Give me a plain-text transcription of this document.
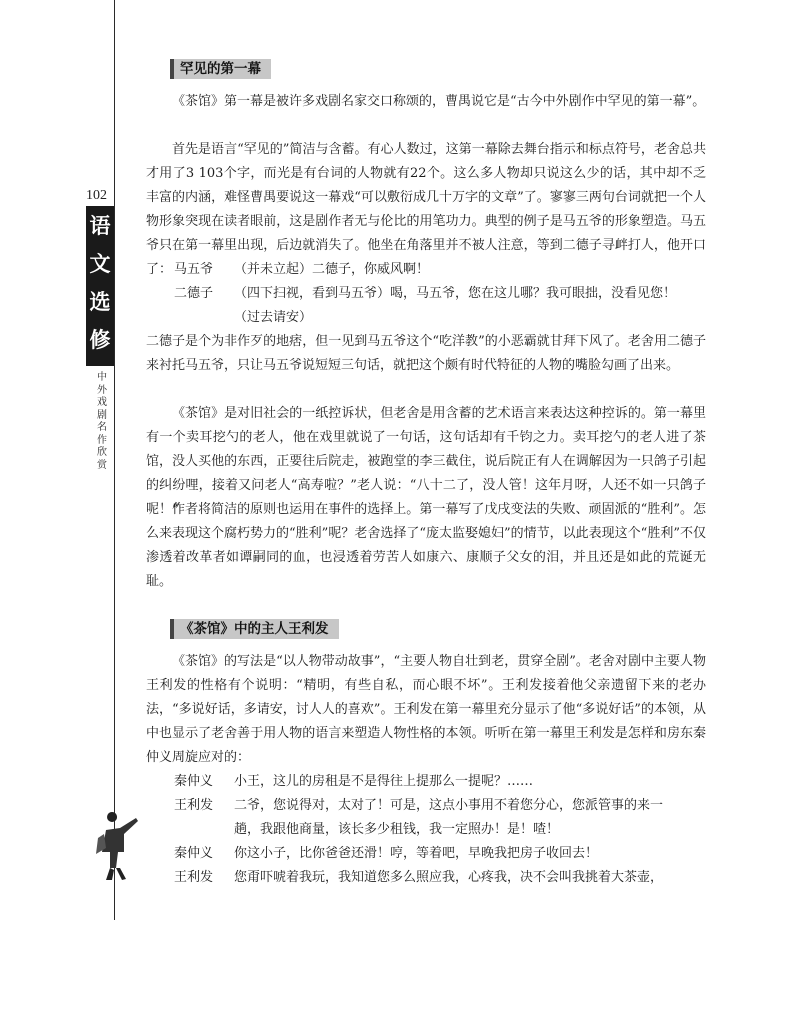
102
语
文
选
修
中
外
戏
剧
名
作
欣
赏
罕见的第一幕

《茶馆》第一幕是被许多戏剧名家交口称颂的，曹禺说它是“古今中外剧作中罕见的第一幕”。

首先是语言“罕见的”简洁与含蓄。有心人数过，这第一幕除去舞台指示和标点符号，老舍总共才用了3 103个字，而光是有台词的人物就有22个。这么多人物却只说这么少的话，其中却不乏丰富的内涵，难怪曹禺要说这一幕戏“可以敷衍成几十万字的文章”了。寥寥三两句台词就把一个人物形象突现在读者眼前，这是剧作者无与伦比的用笔功力。典型的例子是马五爷的形象塑造。马五爷只在第一幕里出现，后边就消失了。他坐在角落里并不被人注意，等到二德子寻衅打人，他开口了： 马五爷 （并未立起）二德子，你威风啊！
二德子 （四下扫视，看到马五爷）喝，马五爷，您在这儿哪？我可眼拙，没看见您！
（过去请安）

二德子是个为非作歹的地痞，但一见到马五爷这个“吃洋教”的小恶霸就甘拜下风了。老舍用二德子来衬托马五爷，只让马五爷说短短三句话，就把这个颇有时代特征的人物的嘴脸勾画了出来。

《茶馆》是对旧社会的一纸控诉状，但老舍是用含蓄的艺术语言来表达这种控诉的。第一幕里有一个卖耳挖勺的老人，他在戏里就说了一句话，这句话却有千钧之力。卖耳挖勺的老人进了茶馆，没人买他的东西，正要往后院走，被跑堂的李三截住，说后院正有人在调解因为一只鸽子引起的纠纷哩，接着又问老人“高寿啦？”老人说：“八十二了，没人管！这年月呀，人还不如一只鸽子呢！”

作者将简洁的原则也运用在事件的选择上。第一幕写了戊戌变法的失败、顽固派的“胜利”。怎么来表现这个腐朽势力的“胜利”呢？老舍选择了“庞太监娶媳妇”的情节，以此表现这个“胜利”不仅渗透着改革者如谭嗣同的血，也浸透着劳苦人如康六、康顺子父女的泪，并且还是如此的荒诞无耻。

《茶馆》中的主人王利发

《茶馆》的写法是“以人物带动故事”，“主要人物自壮到老，贯穿全剧”。老舍对剧中主要人物王利发的性格有个说明：“精明，有些自私，而心眼不坏”。王利发接着他父亲遗留下来的老办法，“多说好话，多请安，讨人人的喜欢”。王利发在第一幕里充分显示了他“多说好话”的本领，从中也显示了老舍善于用人物的语言来塑造人物性格的本领。听听在第一幕里王利发是怎样和房东秦仲义周旋应对的：

秦仲义 小王，这儿的房租是不是得往上提那么一提呢？……
王利发 二爷，您说得对，太对了！可是，这点小事用不着您分心，您派管事的来一
趟，我跟他商量，该长多少租钱，我一定照办！是！喳！
秦仲义 你这小子，比你爸爸还滑！哼，等着吧，早晚我把房子收回去！
王利发 您甭吓唬着我玩，我知道您多么照应我，心疼我，决不会叫我挑着大茶壶，
